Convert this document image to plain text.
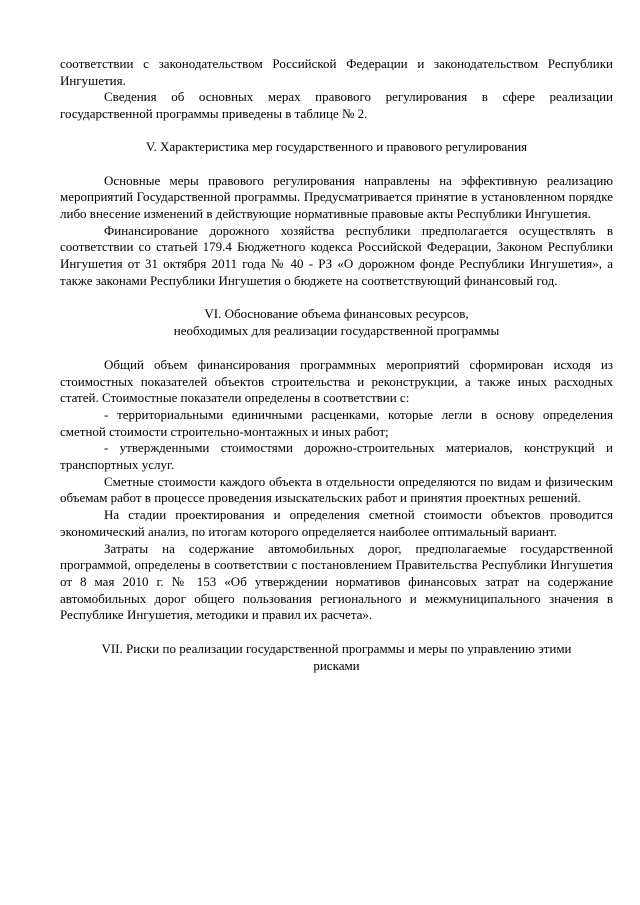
соответствии с законодательством Российской Федерации и законодательством Республики Ингушетия.

Сведения об основных мерах правового регулирования в сфере реализации государственной программы приведены в таблице № 2.

V. Характеристика мер государственного и правового регулирования

Основные меры правового регулирования направлены на эффективную реализацию мероприятий Государственной программы. Предусматривается принятие в установленном порядке либо внесение изменений в действующие нормативные правовые акты Республики Ингушетия.

Финансирование дорожного хозяйства республики предполагается осуществлять в соответствии со статьей 179.4 Бюджетного кодекса Российской Федерации, Законом Республики Ингушетия от 31 октября 2011 года № 40 - РЗ «О дорожном фонде Республики Ингушетия», а также законами Республики Ингушетия о бюджете на соответствующий финансовый год.

VI. Обоснование объема финансовых ресурсов,

необходимых для реализации государственной программы

Общий объем финансирования программных мероприятий сформирован исходя из стоимостных показателей объектов строительства и реконструкции, а также иных расходных статей. Стоимостные показатели определены в соответствии с:

- территориальными единичными расценками, которые легли в основу определения сметной стоимости строительно-монтажных и иных работ;

- утвержденными стоимостями дорожно-строительных материалов, конструкций и транспортных услуг.

Сметные стоимости каждого объекта в отдельности определяются по видам и физическим объемам работ в процессе проведения изыскательских работ и принятия проектных решений.

На стадии проектирования и определения сметной стоимости объектов проводится экономический анализ, по итогам которого определяется наиболее оптимальный вариант.

Затраты на содержание автомобильных дорог, предполагаемые государственной программой, определены в соответствии с постановлением Правительства Республики Ингушетия от 8 мая 2010 г. № 153 «Об утверждении нормативов финансовых затрат на содержание автомобильных дорог общего пользования регионального и межмуниципального значения в Республике Ингушетия, методики и правил их расчета».

VII. Риски по реализации государственной программы и меры по управлению этими

рисками
